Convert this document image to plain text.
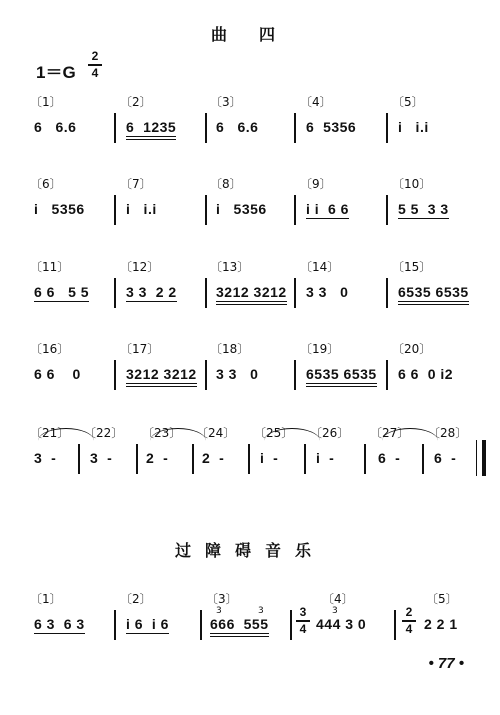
曲 四
1＝G
2
4
〔1〕
6   6.6
〔2〕
6  1235
〔3〕
6   6.6
〔4〕
6  5356
〔5〕
i   i.i
〔6〕
i   5356
〔7〕
i   i.i
〔8〕
i   5356
〔9〕
i i  6 6
〔10〕
5 5  3 3
〔11〕
6 6   5 5
〔12〕
3 3  2 2
〔13〕
3212 3212
〔14〕
3 3   0
〔15〕
6535 6535
〔16〕
6 6    0
〔17〕
3212 3212
〔18〕
3 3   0
〔19〕
6535 6535
〔20〕
6 6  0 i2
〔21〕
3  -
〔22〕
3  -
〔23〕
2  -
〔24〕
2  -
〔25〕
i  -
〔26〕
i  -
〔27〕
6  -
〔28〕
6  -
过障碍音乐
〔1〕
6 3  6 3
〔2〕
i 6  i 6
〔3〕
3	3
666  555
3
4
〔4〕
3
444 3 0
2
4
〔5〕
2 2 1
• 77 •
